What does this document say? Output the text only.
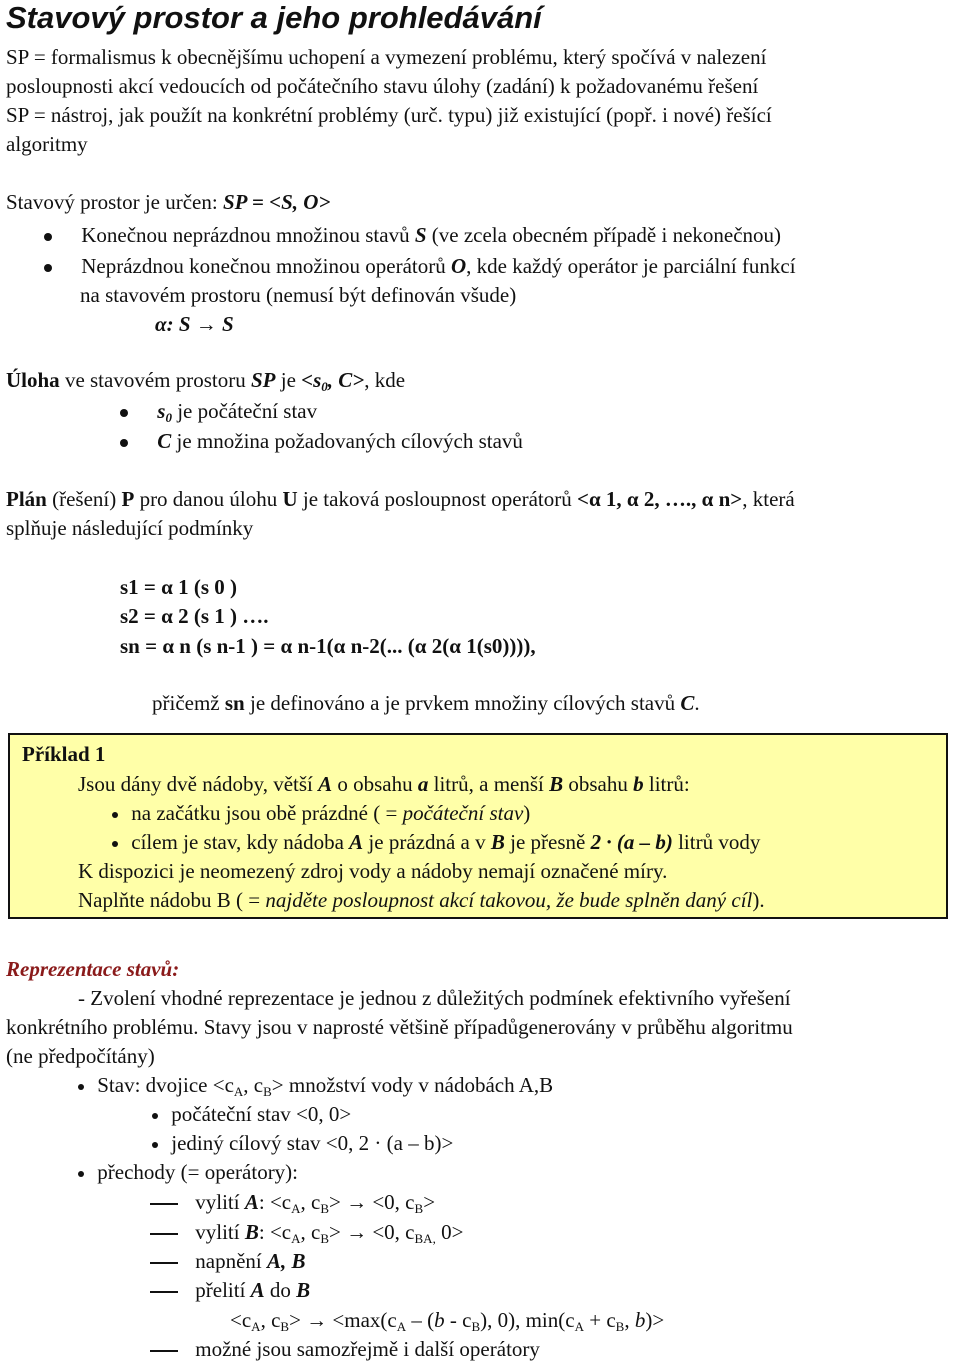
Stavový prostor a jeho prohledávání
SP = formalismus k obecnějšímu uchopení a vymezení problému, který spočívá v nalezení
posloupnosti akcí vedoucích od počátečního stavu úlohy (zadání) k požadovanému řešení
SP = nástroj, jak použít na konkrétní problémy (urč. typu) již existující (popř. i nové) řešící
algoritmy
Stavový prostor je určen: SP = <S, O>
Konečnou neprázdnou množinou stavů S (ve zcela obecném případě i nekonečnou)
Neprázdnou konečnou množinou operátorů O, kde každý operátor je parciální funkcí
na stavovém prostoru (nemusí být definován všude)
α: S → S
Úloha ve stavovém prostoru SP je $<s_0$, C>, kde
$s_0$ je počáteční stav
C je množina požadovaných cílových stavů
Plán (řešení) P pro danou úlohu U je taková posloupnost operátorů <α 1, α 2, …., α n>, která
splňuje následující podmínky
s1 = α 1 (s 0 )
s2 = α 2 (s 1 ) ….
sn = α n (s n-1 ) = α n-1(α n-2(... (α 2(α 1(s0)))),
přičemž sn je definováno a je prvkem množiny cílových stavů C.
Příklad 1
Jsou dány dvě nádoby, větší A o obsahu a litrů, a menší B obsahu b litrů:
na začátku jsou obě prázdné ( = počáteční stav)
cílem je stav, kdy nádoba A je prázdná a v B je přesně 2 · (a – b) litrů vody
K dispozici je neomezený zdroj vody a nádoby nemají označené míry.
Naplňte nádobu B ( = najděte posloupnost akcí takovou, že bude splněn daný cíl).
Reprezentace stavů:
- Zvolení vhodné reprezentace je jednou z důležitých podmínek efektivního vyřešení
konkrétního problému. Stavy jsou v naprosté většině případůgenerovány v průběhu algoritmu
(ne předpočítány)
Stav: dvojice $<c_A$, $c_B>$ množství vody v nádobách A,B
počáteční stav <0, 0>
jediný cílový stav <0, 2 · (a – b)>
přechody (= operátory):
vylití A: $<c_A$, $c_B> \to <0$, $c_B>$
vylití B: $<c_A$, $c_B> \to <0$, $c_{BA,}$ 0>
napnění A, B
přelití A do B
$<c_A$, $c_B> \to <\max(c_A - (b - c_B)$, 0), $\min(c_A + c_B$, b)>
možné jsou samozřejmě i další operátory
